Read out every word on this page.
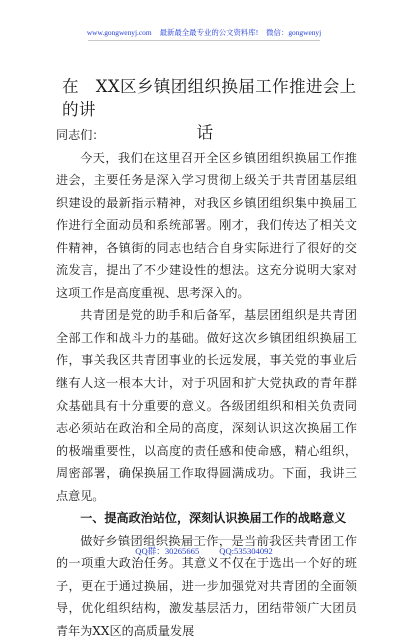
www.gongwenyj.com 最新最全最专业的公文资料库! 微信：gongwenyj
在　XX区乡镇团组织换届工作推进会上的讲
话

同志们：

今天，我们在这里召开全区乡镇团组织换届工作推进会，主要任务是深入学习贯彻上级关于共青团基层组织建设的最新指示精神，对我区乡镇团组织集中换届工作进行全面动员和系统部署。刚才，我们传达了相关文件精神，各镇街的同志也结合自身实际进行了很好的交流发言，提出了不少建设性的想法。这充分说明大家对这项工作是高度重视、思考深入的。

共青团是党的助手和后备军，基层团组织是共青团全部工作和战斗力的基础。做好这次乡镇团组织换届工作，事关我区共青团事业的长远发展，事关党的事业后继有人这一根本大计，对于巩固和扩大党执政的青年群众基础具有十分重要的意义。各级团组织和相关负责同志必须站在政治和全局的高度，深刻认识这次换届工作的极端重要性，以高度的责任感和使命感，精心组织，周密部署，确保换届工作取得圆满成功。下面，我讲三点意见。

一、提高政治站位，深刻认识换届工作的战略意义

做好乡镇团组织换届工作，是当前我区共青团工作的一项重大政治任务。其意义不仅在于选出一个好的班子，更在于通过换届，进一步加强党对共青团的全面领导，优化组织结构，激发基层活力，团结带领广大团员青年为XX区的高质量发展

QQ群：30265665 QQ:535304092
